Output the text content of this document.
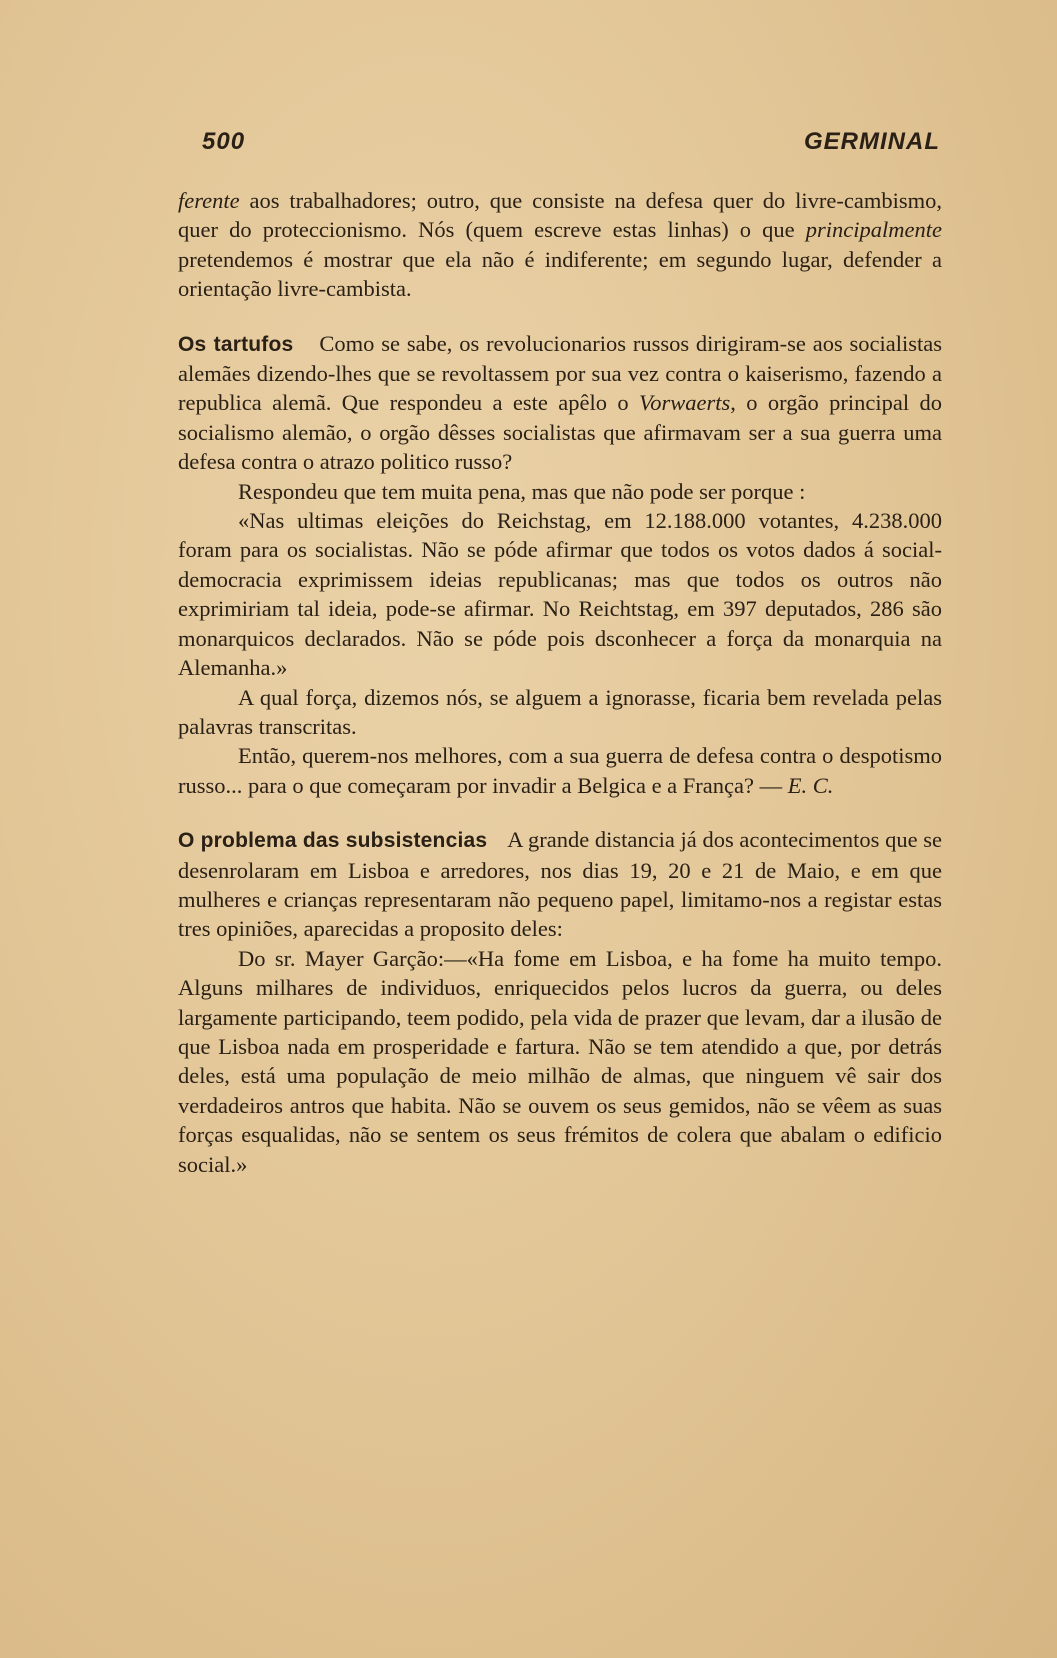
500	GERMINAL

ferente aos trabalhadores; outro, que consiste na defesa quer do livre-cambismo, quer do proteccionismo. Nós (quem escreve estas linhas) o que principalmente pretendemos é mostrar que ela não é indiferente; em segundo lugar, defender a orientação livre-cambista.

Os tartufos Como se sabe, os revolucionarios russos dirigiram-se aos socialistas alemães dizendo-lhes que se revoltassem por sua vez contra o kaiserismo, fazendo a republica alemã. Que respondeu a este apêlo o Vorwaerts, o orgão principal do socialismo alemão, o orgão dêsses socialistas que afirmavam ser a sua guerra uma defesa contra o atrazo politico russo?

Respondeu que tem muita pena, mas que não pode ser porque :

«Nas ultimas eleições do Reichstag, em 12.188.000 votantes, 4.238.000 foram para os socialistas. Não se póde afirmar que todos os votos dados á social-democracia exprimissem ideias republicanas; mas que todos os outros não exprimiriam tal ideia, pode-se afirmar. No Reichtstag, em 397 deputados, 286 são monarquicos declarados. Não se póde pois dsconhecer a força da monarquia na Alemanha.»

A qual força, dizemos nós, se alguem a ignorasse, ficaria bem revelada pelas palavras transcritas.

Então, querem-nos melhores, com a sua guerra de defesa contra o despotismo russo... para o que começaram por invadir a Belgica e a França? — E. C.

O problema das subsistencias A grande distancia já dos acontecimentos que se desenrolaram em Lisboa e arredores, nos dias 19, 20 e 21 de Maio, e em que mulheres e crianças representaram não pequeno papel, limitamo-nos a registar estas tres opiniões, aparecidas a proposito deles:

Do sr. Mayer Garção:—«Ha fome em Lisboa, e ha fome ha muito tempo. Alguns milhares de individuos, enriquecidos pelos lucros da guerra, ou deles largamente participando, teem podido, pela vida de prazer que levam, dar a ilusão de que Lisboa nada em prosperidade e fartura. Não se tem atendido a que, por detrás deles, está uma população de meio milhão de almas, que ninguem vê sair dos verdadeiros antros que habita. Não se ouvem os seus gemidos, não se vêem as suas forças esqualidas, não se sentem os seus frémitos de colera que abalam o edificio social.»
